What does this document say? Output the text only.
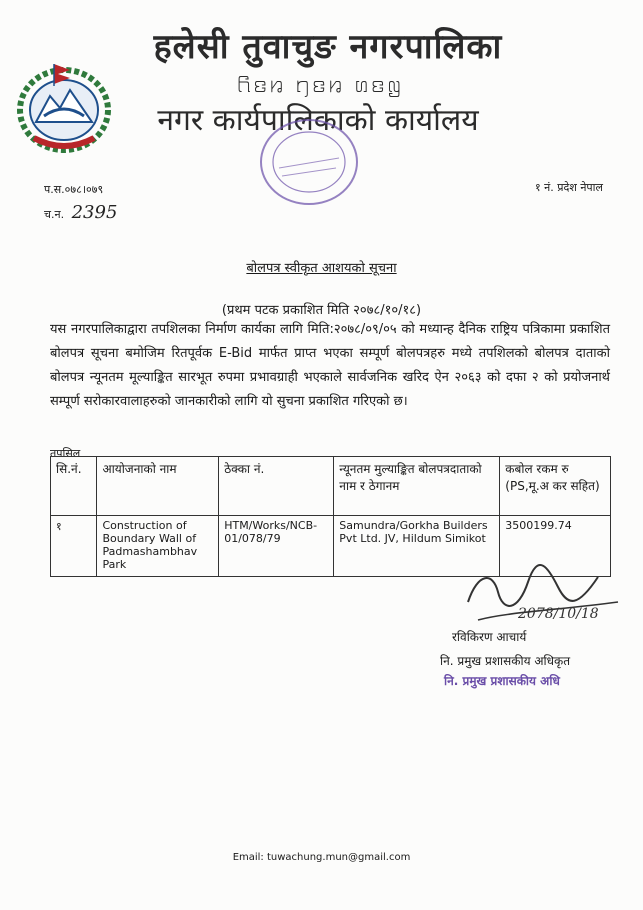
हलेसी तुवाचुङ नगरपालिका
ꤖꤢꤙ ꤚꤢꤙ ꤛꤢꤜ
नगर कार्यपालिकाको कार्यालय
प.स.०७८।०७९
च.न. 2395
१ नं. प्रदेश नेपाल
बोलपत्र स्वीकृत आशयको सूचना
(प्रथम पटक प्रकाशित मिति २०७८/१०/१८)
यस नगरपालिकाद्वारा तपशिलका निर्माण कार्यका लागि मिति:२०७८/०९/०५ को मध्यान्ह दैनिक राष्ट्रिय पत्रिकामा प्रकाशित बोलपत्र सूचना बमोजिम रितपूर्वक E-Bid मार्फत प्राप्त भएका सम्पूर्ण बोलपत्रहरु मध्ये तपशिलको बोलपत्र दाताको बोलपत्र न्यूनतम मूल्याङ्कित सारभूत रुपमा प्रभावग्राही भएकाले सार्वजनिक खरिद ऐन २०६३ को दफा २ को प्रयोजनार्थ सम्पूर्ण सरोकारवालाहरुको जानकारीको लागि यो सुचना प्रकाशित गरिएको छ।
तपसिल
सि.नं.	आयोजनाको नाम	ठेक्का नं.	न्यूनतम मुल्याङ्कित बोलपत्रदाताको नाम र ठेगानम	कबोल रकम रु (PS,मू.अ कर सहित)
१	Construction of Boundary Wall of Padmashambhav Park	HTM/Works/NCB-01/078/79	Samundra/Gorkha Builders Pvt Ltd. JV, Hildum Simikot	3500199.74
2078/10/18
रविकिरण आचार्य
नि. प्रमुख प्रशासकीय अधिकृत
नि. प्रमुख प्रशासकीय अधि
Email: tuwachung.mun@gmail.com
